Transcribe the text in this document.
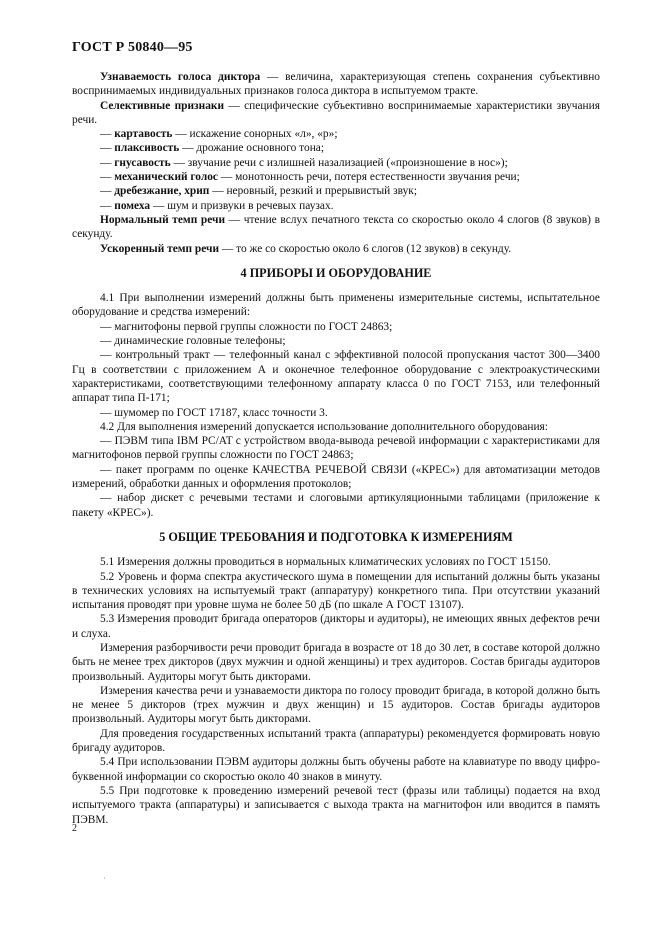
ГОСТ Р 50840—95

Узнаваемость голоса диктора — величина, характеризующая степень сохранения субъективно воспринимаемых индивидуальных признаков голоса диктора в испытуемом тракте.

Селективные признаки — специфические субъективно воспринимаемые характеристики звучания речи.

— картавость — искажение сонорных «л», «р»;

— плаксивость — дрожание основного тона;

— гнусавость — звучание речи с излишней назализацией («произношение в нос»);

— механический голос — монотонность речи, потеря естественности звучания речи;

— дребезжание, хрип — неровный, резкий и прерывистый звук;

— помеха — шум и призвуки в речевых паузах.

Нормальный темп речи — чтение вслух печатного текста со скоростью около 4 слогов (8 звуков) в секунду.

Ускоренный темп речи — то же со скоростью около 6 слогов (12 звуков) в секунду.

4 ПРИБОРЫ И ОБОРУДОВАНИЕ

4.1 При выполнении измерений должны быть применены измерительные системы, испытательное оборудование и средства измерений:

— магнитофоны первой группы сложности по ГОСТ 24863;

— динамические головные телефоны;

— контрольный тракт — телефонный канал с эффективной полосой пропускания частот 300—3400 Гц в соответствии с приложением А и оконечное телефонное оборудование с электроакустическими характеристиками, соответствующими телефонному аппарату класса 0 по ГОСТ 7153, или телефонный аппарат типа П-171;

— шумомер по ГОСТ 17187, класс точности 3.

4.2 Для выполнения измерений допускается использование дополнительного оборудования:

— ПЭВМ типа IBM PC/AT с устройством ввода-вывода речевой информации с характеристиками для магнитофонов первой группы сложности по ГОСТ 24863;

— пакет программ по оценке КАЧЕСТВА РЕЧЕВОЙ СВЯЗИ («КРЕС») для автоматизации методов измерений, обработки данных и оформления протоколов;

— набор дискет с речевыми тестами и слоговыми артикуляционными таблицами (приложение к пакету «КРЕС»).

5 ОБЩИЕ ТРЕБОВАНИЯ И ПОДГОТОВКА К ИЗМЕРЕНИЯМ

5.1 Измерения должны проводиться в нормальных климатических условиях по ГОСТ 15150.

5.2 Уровень и форма спектра акустического шума в помещении для испытаний должны быть указаны в технических условиях на испытуемый тракт (аппаратуру) конкретного типа. При отсутствии указаний испытания проводят при уровне шума не более 50 дБ (по шкале А ГОСТ 13107).

5.3 Измерения проводит бригада операторов (дикторы и аудиторы), не имеющих явных дефектов речи и слуха.

Измерения разборчивости речи проводит бригада в возрасте от 18 до 30 лет, в составе которой должно быть не менее трех дикторов (двух мужчин и одной женщины) и трех аудиторов. Состав бригады аудиторов произвольный. Аудиторы могут быть дикторами.

Измерения качества речи и узнаваемости диктора по голосу проводит бригада, в которой должно быть не менее 5 дикторов (трех мужчин и двух женщин) и 15 аудиторов. Состав бригады аудиторов произвольный. Аудиторы могут быть дикторами.

Для проведения государственных испытаний тракта (аппаратуры) рекомендуется формировать новую бригаду аудиторов.

5.4 При использовании ПЭВМ аудиторы должны быть обучены работе на клавиатуре по вводу цифро-буквенной информации со скоростью около 40 знаков в минуту.

5.5 При подготовке к проведению измерений речевой тест (фразы или таблицы) подается на вход испытуемого тракта (аппаратуры) и записывается с выхода тракта на магнитофон или вводится в память ПЭВМ.

2
·
